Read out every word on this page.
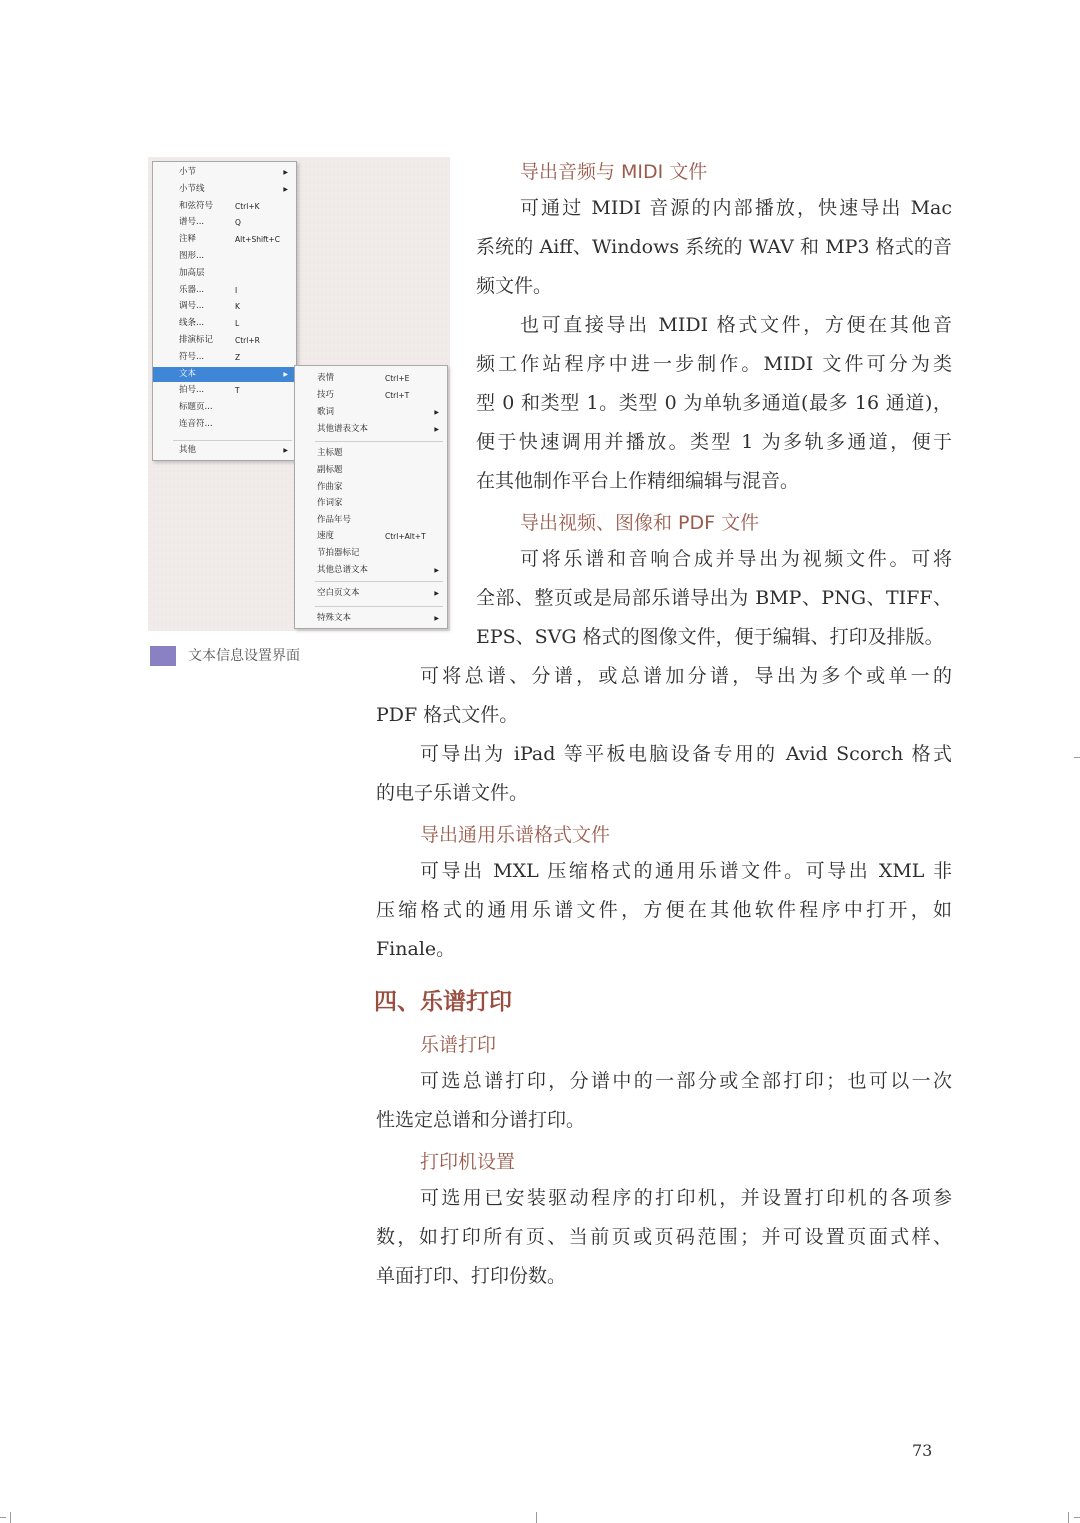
小节	▶
小节线	▶
和弦符号	Ctrl+K
谱号...	Q
注释	Alt+Shift+C
图形...
加高层
乐器...	I
调号...	K
线条...	L
排演标记	Ctrl+R
符号...	Z
文本	▶
拍号...	T
标题页...
连音符...
其他	▶
表情	Ctrl+E
技巧	Ctrl+T
歌词	▶
其他谱表文本	▶
主标题
副标题
作曲家
作词家
作品年号
速度	Ctrl+Alt+T
节拍器标记
其他总谱文本	▶
空白页文本	▶
特殊文本	▶
文本信息设置界面
导出音频与 MIDI 文件
可通过 MIDI 音源的内部播放，快速导出 Mac
系统的 Aiff、Windows 系统的 WAV 和 MP3 格式的音
频文件。
也可直接导出 MIDI 格式文件，方便在其他音
频工作站程序中进一步制作。MIDI 文件可分为类
型 0 和类型 1。类型 0 为单轨多通道(最多 16 通道)，
便于快速调用并播放。类型 1 为多轨多通道，便于
在其他制作平台上作精细编辑与混音。
导出视频、图像和 PDF 文件
可将乐谱和音响合成并导出为视频文件。可将
全部、整页或是局部乐谱导出为 BMP、PNG、TIFF、
EPS、SVG 格式的图像文件，便于编辑、打印及排版。
可将总谱、分谱，或总谱加分谱，导出为多个或单一的
PDF 格式文件。
可导出为 iPad 等平板电脑设备专用的 Avid Scorch 格式
的电子乐谱文件。
导出通用乐谱格式文件
可导出 MXL 压缩格式的通用乐谱文件。可导出 XML 非
压缩格式的通用乐谱文件，方便在其他软件程序中打开，如
Finale。
四、乐谱打印
乐谱打印
可选总谱打印，分谱中的一部分或全部打印；也可以一次
性选定总谱和分谱打印。
打印机设置
可选用已安装驱动程序的打印机，并设置打印机的各项参
数，如打印所有页、当前页或页码范围；并可设置页面式样、
单面打印、打印份数。
73
